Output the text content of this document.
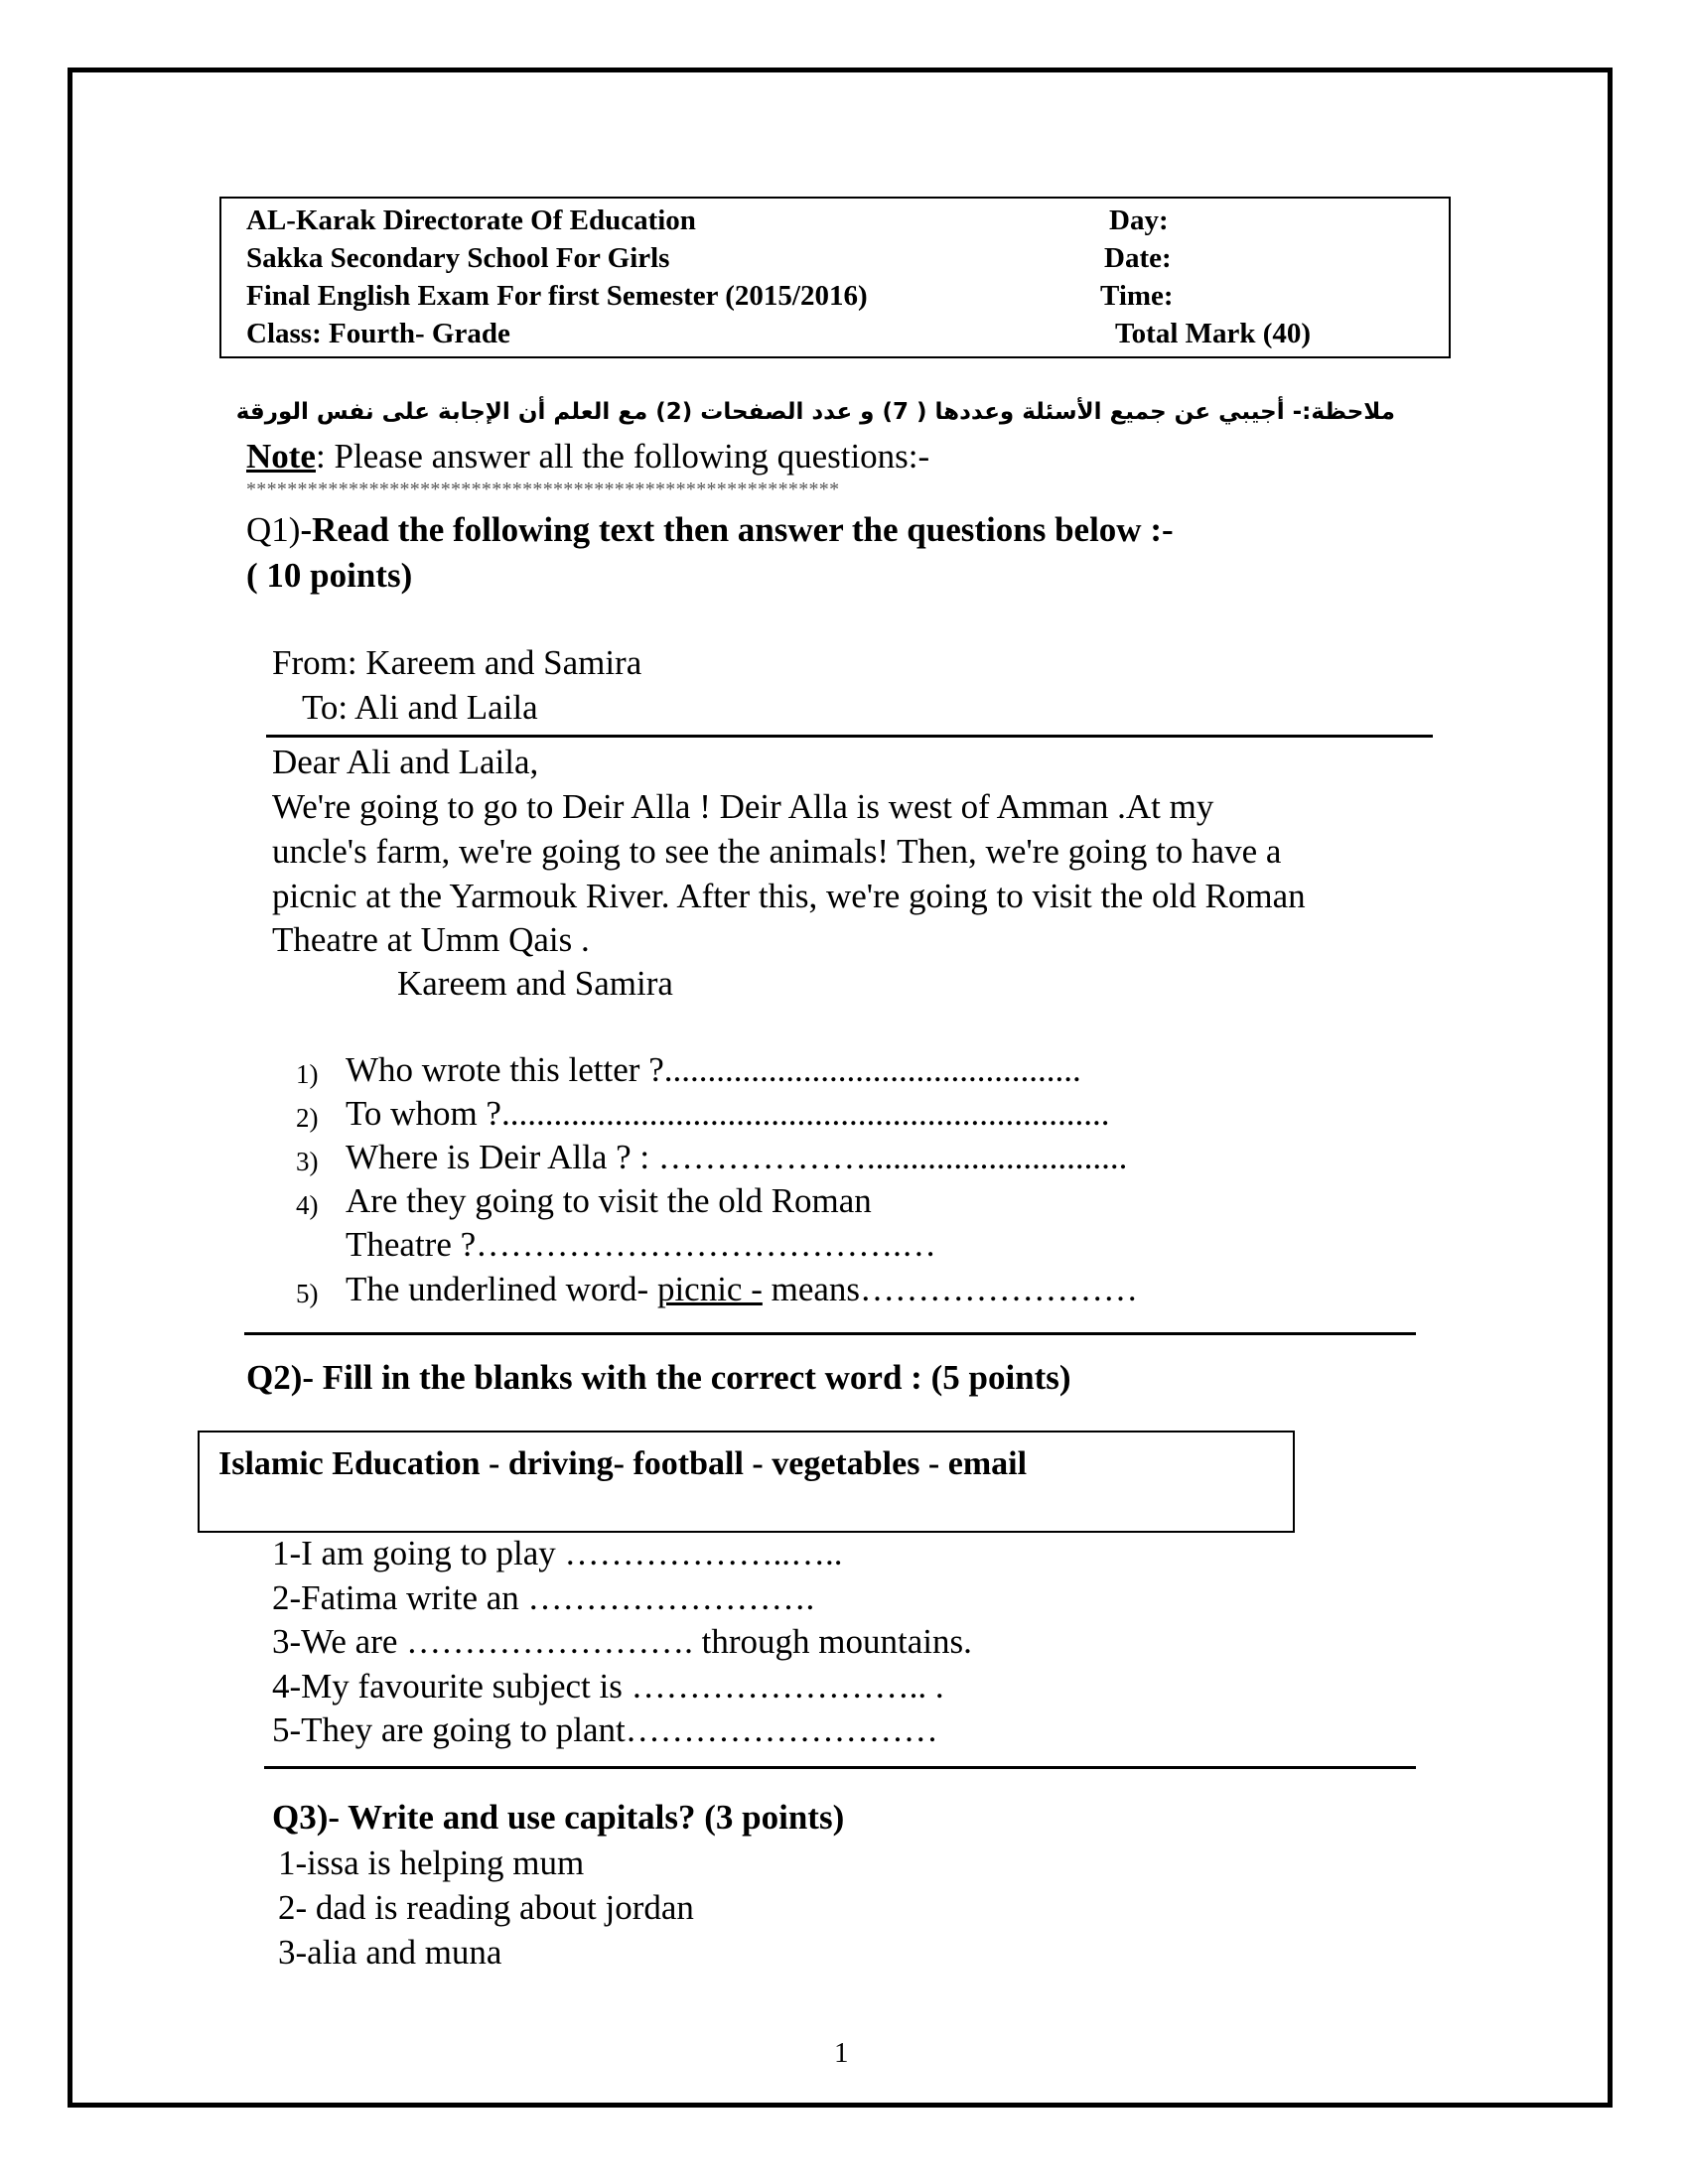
AL-Karak Directorate Of Education
Sakka Secondary School For Girls
Final English Exam For first Semester (2015/2016)
Class: Fourth- Grade
Day:
Date:
Time:
Total Mark (40)
ملاحظة:- أجيبي عن جميع الأسئلة وعددها ( 7) و عدد الصفحات (2) مع العلم أن الإجابة على نفس الورقة
Note: Please answer all the following questions:-
**********************************************************
Q1)-Read the following text then answer the questions below :-
( 10 points)
From: Kareem and Samira
To: Ali and Laila
Dear Ali and Laila,
We're going to go to Deir Alla ! Deir Alla is west of Amman .At my
uncle's farm, we're going to see the animals! Then, we're going to have a
picnic at the Yarmouk River. After this, we're going to visit the old Roman
Theatre at Umm Qais .
Kareem and Samira
1) Who wrote this letter ?................................................
2) To whom ?......................................................................
3) Where is Deir Alla ? : ………………..............................
4) Are they going to visit the old Roman
Theatre ?……………………………….…
5) The underlined word- picnic - means……………………
Q2)- Fill in the blanks with the correct word : (5 points)
Islamic Education - driving- football - vegetables - email
1-I am going to play ………………..…..
2-Fatima write an …………………….
3-We are ……………………. through mountains.
4-My favourite subject is …………………….. .
5-They are going to plant………………………
Q3)- Write and use capitals? (3 points)
1-issa is helping mum
2- dad is reading about jordan
3-alia and muna
1
